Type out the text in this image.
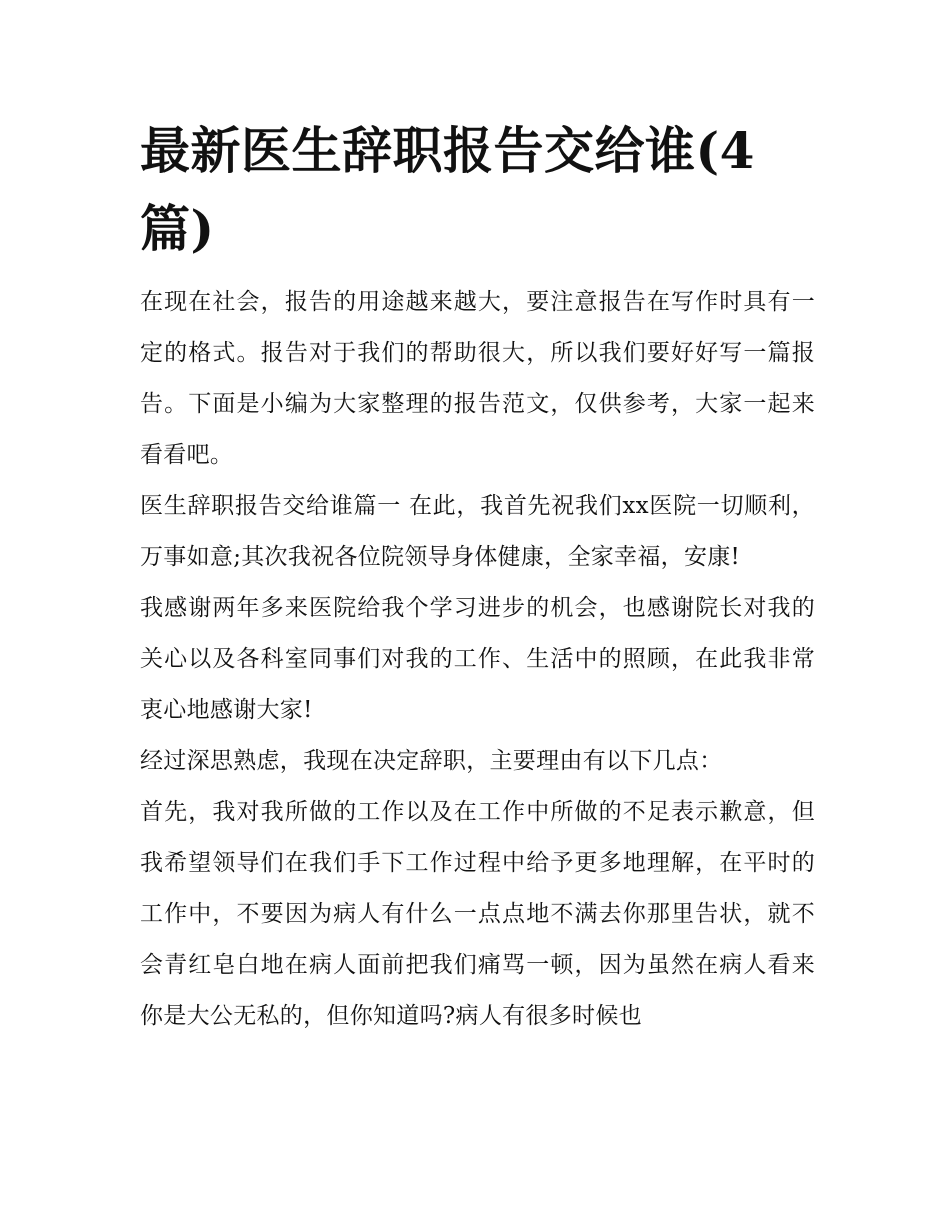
最新医生辞职报告交给谁(4篇)

在现在社会，报告的用途越来越大，要注意报告在写作时具有一定的格式。报告对于我们的帮助很大，所以我们要好好写一篇报告。下面是小编为大家整理的报告范文，仅供参考，大家一起来看看吧。

医生辞职报告交给谁篇一 在此，我首先祝我们xx医院一切顺利，万事如意;其次我祝各位院领导身体健康，全家幸福，安康!

我感谢两年多来医院给我个学习进步的机会，也感谢院长对我的关心以及各科室同事们对我的工作、生活中的照顾，在此我非常衷心地感谢大家!

经过深思熟虑，我现在决定辞职，主要理由有以下几点：

首先，我对我所做的工作以及在工作中所做的不足表示歉意，但我希望领导们在我们手下工作过程中给予更多地理解，在平时的工作中，不要因为病人有什么一点点地不满去你那里告状，就不会青红皂白地在病人面前把我们痛骂一顿，因为虽然在病人看来你是大公无私的，但你知道吗?病人有很多时候也
